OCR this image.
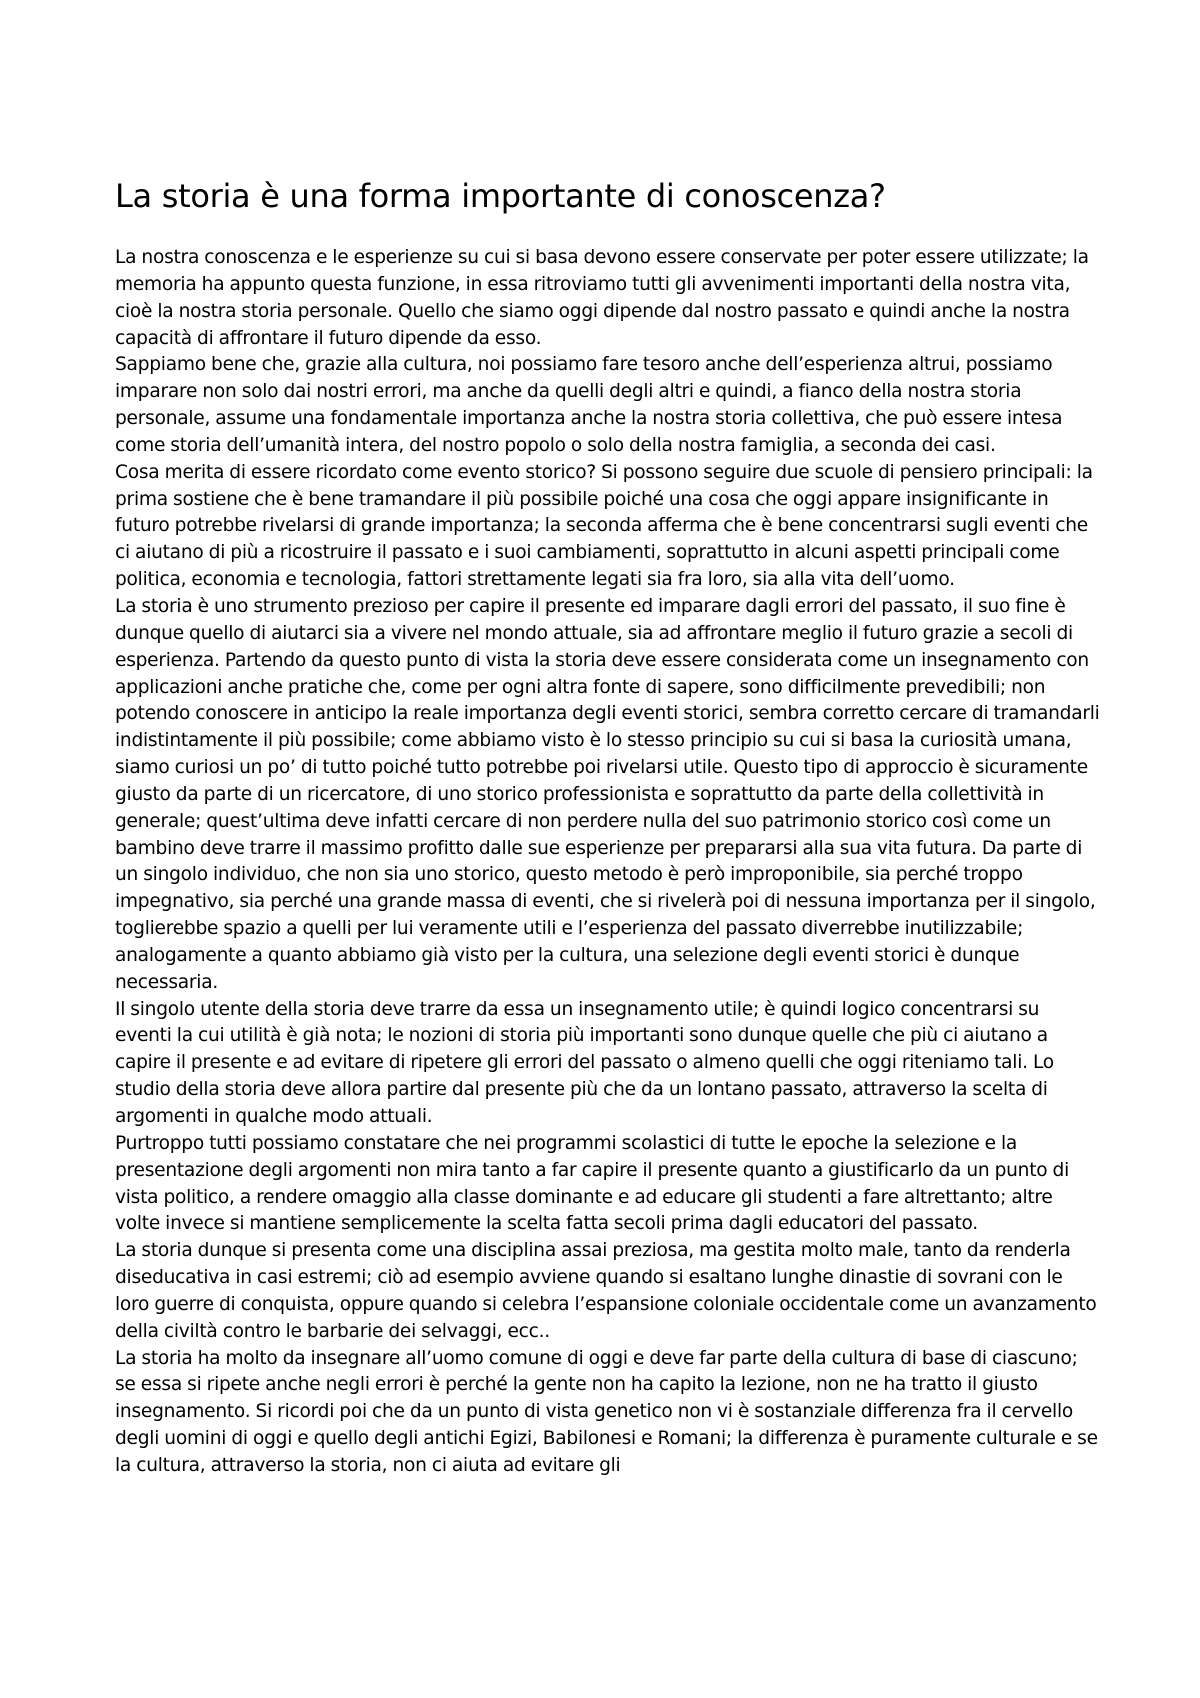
La storia è una forma importante di conoscenza?

La nostra conoscenza e le esperienze su cui si basa devono essere conservate per poter essere utilizzate; la memoria ha appunto questa funzione, in essa ritroviamo tutti gli avvenimenti importanti della nostra vita, cioè la nostra storia personale. Quello che siamo oggi dipende dal nostro passato e quindi anche la nostra capacità di affrontare il futuro dipende da esso.

Sappiamo bene che, grazie alla cultura, noi possiamo fare tesoro anche dell’esperienza altrui, possiamo imparare non solo dai nostri errori, ma anche da quelli degli altri e quindi, a fianco della nostra storia personale, assume una fondamentale importanza anche la nostra storia collettiva, che può essere intesa come storia dell’umanità intera, del nostro popolo o solo della nostra famiglia, a seconda dei casi.

Cosa merita di essere ricordato come evento storico? Si possono seguire due scuole di pensiero principali: la prima sostiene che è bene tramandare il più possibile poiché una cosa che oggi appare insignificante in futuro potrebbe rivelarsi di grande importanza; la seconda afferma che è bene concentrarsi sugli eventi che ci aiutano di più a ricostruire il passato e i suoi cambiamenti, soprattutto in alcuni aspetti principali come politica, economia e tecnologia, fattori strettamente legati sia fra loro, sia alla vita dell’uomo.

La storia è uno strumento prezioso per capire il presente ed imparare dagli errori del passato, il suo fine è dunque quello di aiutarci sia a vivere nel mondo attuale, sia ad affrontare meglio il futuro grazie a secoli di esperienza. Partendo da questo punto di vista la storia deve essere considerata come un insegnamento con applicazioni anche pratiche che, come per ogni altra fonte di sapere, sono difficilmente prevedibili; non potendo conoscere in anticipo la reale importanza degli eventi storici, sembra corretto cercare di tramandarli indistintamente il più possibile; come abbiamo visto è lo stesso principio su cui si basa la curiosità umana, siamo curiosi un po’ di tutto poiché tutto potrebbe poi rivelarsi utile. Questo tipo di approccio è sicuramente giusto da parte di un ricercatore, di uno storico professionista e soprattutto da parte della collettività in generale; quest’ultima deve infatti cercare di non perdere nulla del suo patrimonio storico così come un bambino deve trarre il massimo profitto dalle sue esperienze per prepararsi alla sua vita futura. Da parte di un singolo individuo, che non sia uno storico, questo metodo è però improponibile, sia perché troppo impegnativo, sia perché una grande massa di eventi, che si rivelerà poi di nessuna importanza per il singolo, toglierebbe spazio a quelli per lui veramente utili e l’esperienza del passato diverrebbe inutilizzabile; analogamente a quanto abbiamo già visto per la cultura, una selezione degli eventi storici è dunque necessaria.

Il singolo utente della storia deve trarre da essa un insegnamento utile; è quindi logico concentrarsi su eventi la cui utilità è già nota; le nozioni di storia più importanti sono dunque quelle che più ci aiutano a capire il presente e ad evitare di ripetere gli errori del passato o almeno quelli che oggi riteniamo tali. Lo studio della storia deve allora partire dal presente più che da un lontano passato, attraverso la scelta di argomenti in qualche modo attuali.

Purtroppo tutti possiamo constatare che nei programmi scolastici di tutte le epoche la selezione e la presentazione degli argomenti non mira tanto a far capire il presente quanto a giustificarlo da un punto di vista politico, a rendere omaggio alla classe dominante e ad educare gli studenti a fare altrettanto; altre volte invece si mantiene semplicemente la scelta fatta secoli prima dagli educatori del passato.

La storia dunque si presenta come una disciplina assai preziosa, ma gestita molto male, tanto da renderla diseducativa in casi estremi; ciò ad esempio avviene quando si esaltano lunghe dinastie di sovrani con le loro guerre di conquista, oppure quando si celebra l’espansione coloniale occidentale come un avanzamento della civiltà contro le barbarie dei selvaggi, ecc..

La storia ha molto da insegnare all’uomo comune di oggi e deve far parte della cultura di base di ciascuno; se essa si ripete anche negli errori è perché la gente non ha capito la lezione, non ne ha tratto il giusto insegnamento. Si ricordi poi che da un punto di vista genetico non vi è sostanziale differenza fra il cervello degli uomini di oggi e quello degli antichi Egizi, Babilonesi e Romani; la differenza è puramente culturale e se la cultura, attraverso la storia, non ci aiuta ad evitare gli
